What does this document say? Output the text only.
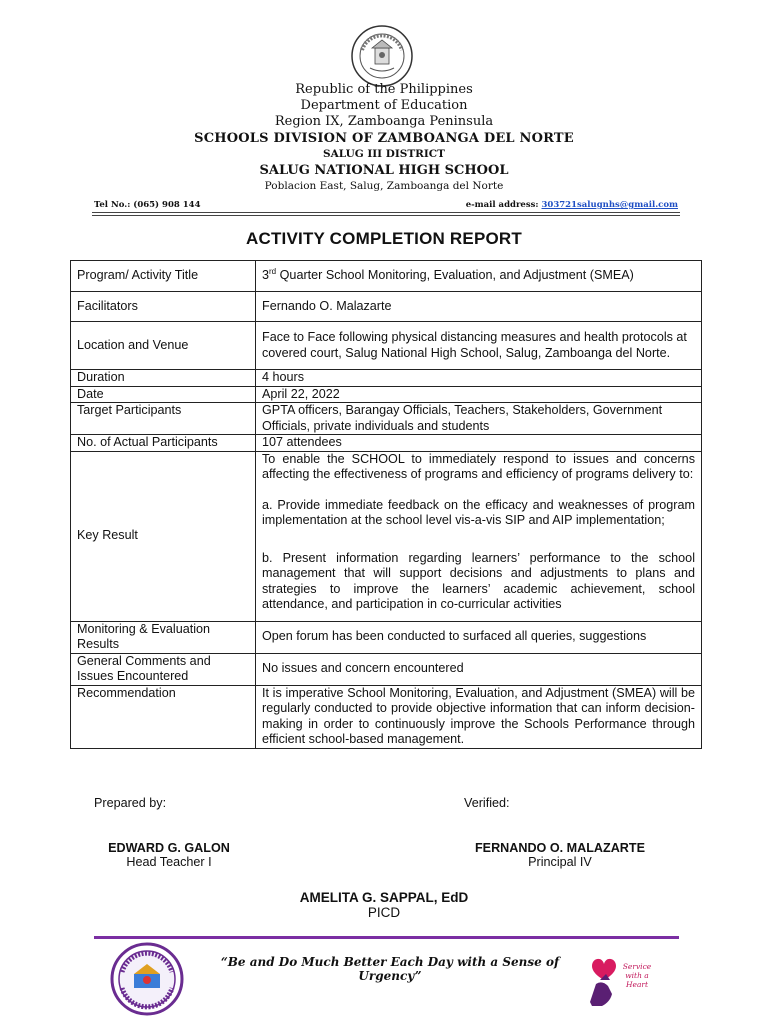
Republic of the Philippines
Department of Education
Region IX, Zamboanga Peninsula
SCHOOLS DIVISION OF ZAMBOANGA DEL NORTE
SALUG III DISTRICT
SALUG NATIONAL HIGH SCHOOL
Poblacion East, Salug, Zamboanga del Norte
Tel No.: (065) 908 144	e-mail address: 303721salugnhs@gmail.com
ACTIVITY COMPLETION REPORT
Program/ Activity Title	3rd Quarter School Monitoring, Evaluation, and Adjustment (SMEA)
Facilitators	Fernando O. Malazarte
Location and Venue	Face to Face following physical distancing measures and health protocols at covered court, Salug National High School, Salug, Zamboanga del Norte.
Duration	4 hours
Date	April 22, 2022
Target Participants	GPTA officers, Barangay Officials, Teachers, Stakeholders, Government Officials, private individuals and students
No. of Actual Participants	107 attendees
Key Result	To enable the SCHOOL to immediately respond to issues and concerns affecting the effectiveness of programs and efficiency of programs delivery to:
a. Provide immediate feedback on the efficacy and weaknesses of program implementation at the school level vis-a-vis SIP and AIP implementation;
b. Present information regarding learners’ performance to the school management that will support decisions and adjustments to plans and strategies to improve the learners’ academic achievement, school attendance, and participation in co-curricular activities

Monitoring & Evaluation Results	Open forum has been conducted to surfaced all queries, suggestions
General Comments and Issues Encountered	No issues and concern encountered
Recommendation	It is imperative School Monitoring, Evaluation, and Adjustment (SMEA) will be regularly conducted to provide objective information that can inform decision-making in order to continuously improve the Schools Performance through efficient school-based management.
Prepared by:	Verified:
EDWARD G. GALON
Head Teacher I
FERNANDO O. MALAZARTE
Principal IV
AMELITA G. SAPPAL, EdD
PICD
“Be and Do Much Better Each Day with a Sense of Urgency”
Service
with a
Heart
